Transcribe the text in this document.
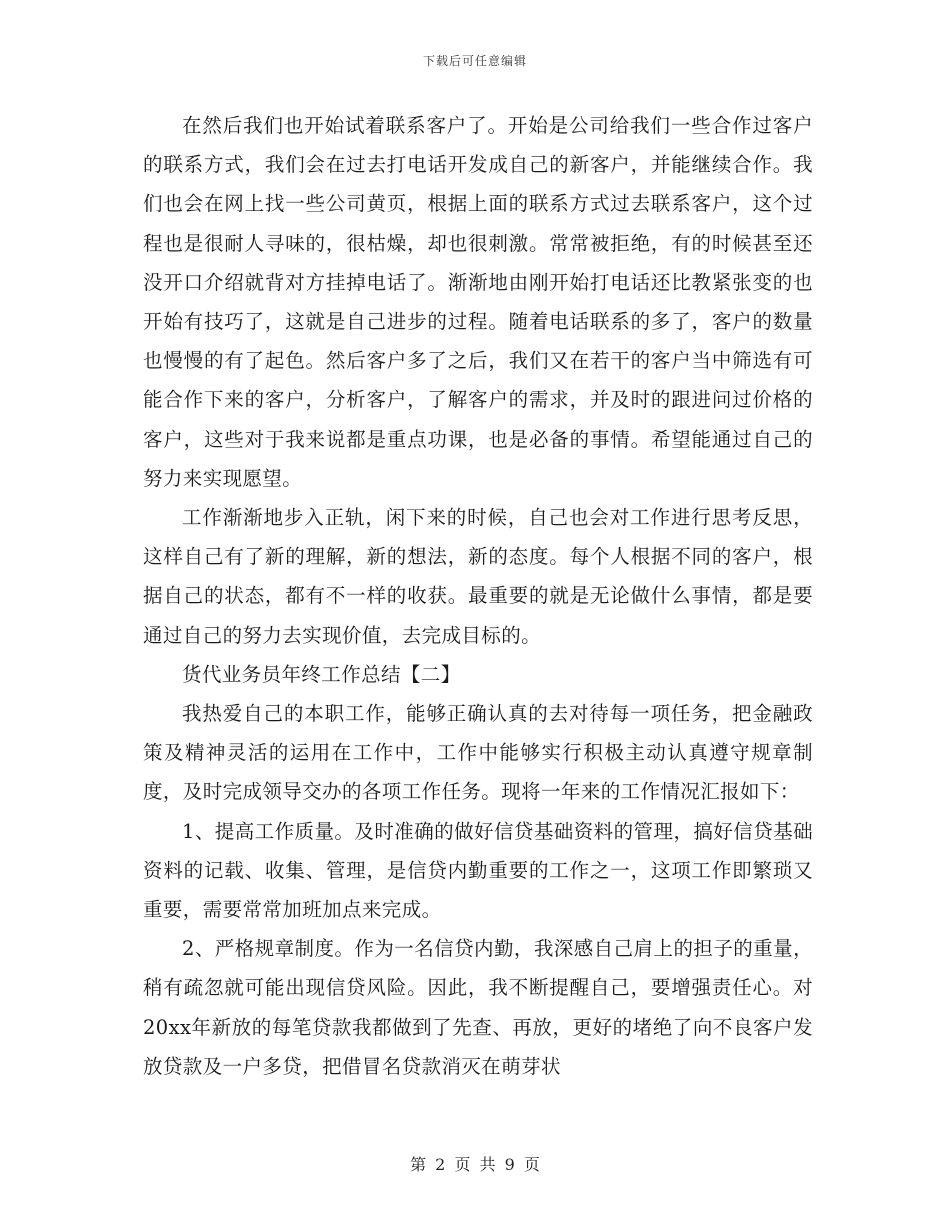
下载后可任意编辑

在然后我们也开始试着联系客户了。开始是公司给我们一些合作过客户的联系方式，我们会在过去打电话开发成自己的新客户，并能继续合作。我们也会在网上找一些公司黄页，根据上面的联系方式过去联系客户，这个过程也是很耐人寻味的，很枯燥，却也很刺激。常常被拒绝，有的时候甚至还没开口介绍就背对方挂掉电话了。渐渐地由刚开始打电话还比教紧张变的也开始有技巧了，这就是自己进步的过程。随着电话联系的多了，客户的数量也慢慢的有了起色。然后客户多了之后，我们又在若干的客户当中筛选有可能合作下来的客户，分析客户，了解客户的需求，并及时的跟进问过价格的客户，这些对于我来说都是重点功课，也是必备的事情。希望能通过自己的努力来实现愿望。

工作渐渐地步入正轨，闲下来的时候，自己也会对工作进行思考反思，这样自己有了新的理解，新的想法，新的态度。每个人根据不同的客户，根据自己的状态，都有不一样的收获。最重要的就是无论做什么事情，都是要通过自己的努力去实现价值，去完成目标的。

货代业务员年终工作总结【二】

我热爱自己的本职工作，能够正确认真的去对待每一项任务，把金融政策及精神灵活的运用在工作中，工作中能够实行积极主动认真遵守规章制度，及时完成领导交办的各项工作任务。现将一年来的工作情况汇报如下：

1、提高工作质量。及时准确的做好信贷基础资料的管理，搞好信贷基础资料的记载、收集、管理，是信贷内勤重要的工作之一，这项工作即繁琐又重要，需要常常加班加点来完成。

2、严格规章制度。作为一名信贷内勤，我深感自己肩上的担子的重量，稍有疏忽就可能出现信贷风险。因此，我不断提醒自己，要增强责任心。对20xx年新放的每笔贷款我都做到了先查、再放，更好的堵绝了向不良客户发放贷款及一户多贷，把借冒名贷款消灭在萌芽状

第 2 页 共 9 页
